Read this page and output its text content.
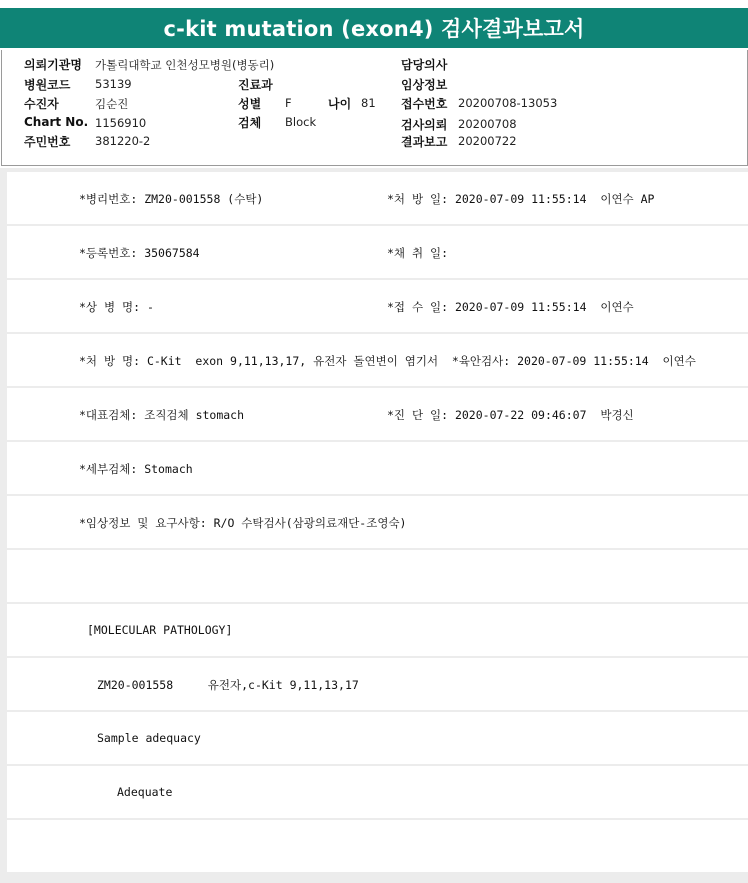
c-kit mutation (exon4) 검사결과보고서
의뢰기관명 가톨릭대학교 인천성모병원(병동리)
병원코드 53139
수진자	김순진
Chart No. 1156910
주민번호 381220-2
진료과
성별 F	나이 81
검체 Block
담당의사
임상정보
접수번호 20200708-13053
검사의뢰 20200708
결과보고 20200722
*병리번호: ZM20-001558 (수탁)	*처 방 일: 2020-07-09 11:55:14  이연수 AP
*등록번호: 35067584	*채 취 일:
*상 병 명: -	*접 수 일: 2020-07-09 11:55:14  이연수
*처 방 명: C-Kit  exon 9,11,13,17, 유전자 돌연변이 염기서  *육안검사: 2020-07-09 11:55:14  이연수
*대표검체: 조직검체 stomach	*진 단 일: 2020-07-22 09:46:07  박경신
*세부검체: Stomach
*임상정보 및 요구사항: R/O 수탁검사(삼광의료재단-조영숙)
[MOLECULAR PATHOLOGY]
ZM20-001558     유전자,c-Kit 9,11,13,17
Sample adequacy
Adequate
